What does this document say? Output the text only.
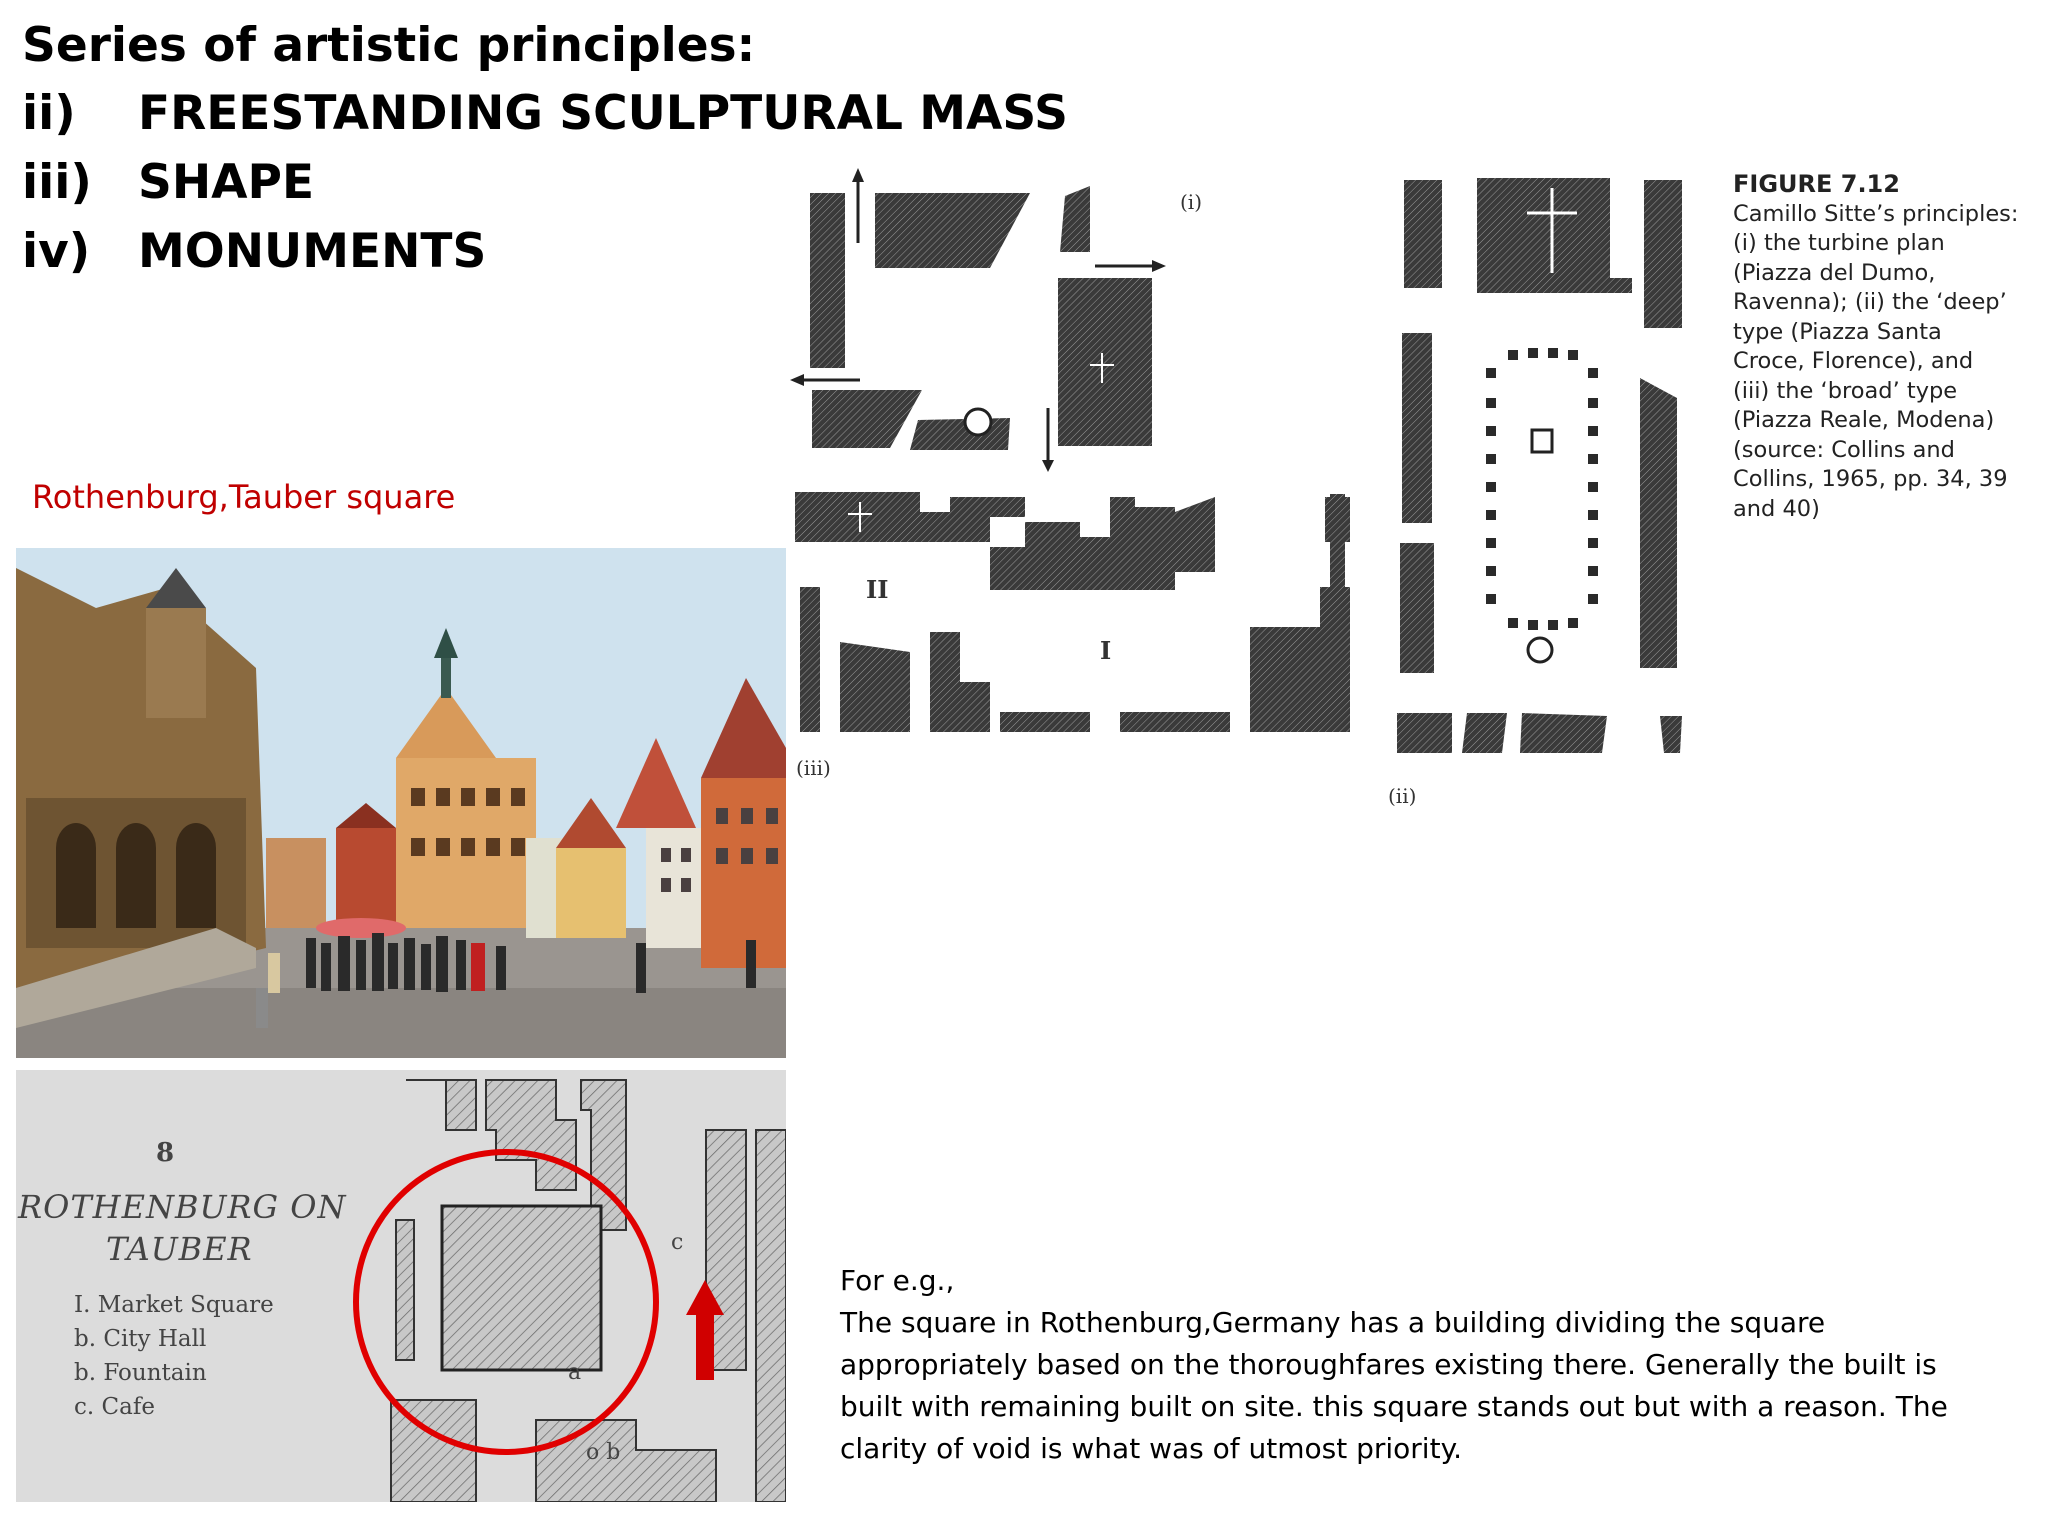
Series of artistic principles:
ii) FREESTANDING SCULPTURAL MASS
iii) SHAPE
iv) MONUMENTS
Rothenburg,Tauber square
8
ROTHENBURG ON
TAUBER
I. Market Square
b. City Hall
b. Fountain
c. Cafe
a
c
o b
(i)
II
I
(iii)
(ii)
FIGURE 7.12
Camillo Sitte’s principles:
(i) the turbine plan
(Piazza del Dumo,
Ravenna); (ii) the ‘deep’
type (Piazza Santa
Croce, Florence), and
(iii) the ‘broad’ type
(Piazza Reale, Modena)
(source: Collins and
Collins, 1965, pp. 34, 39
and 40)
For e.g.,
The square in Rothenburg,Germany has a building dividing the square
appropriately based on the thoroughfares existing there. Generally the built is
built with remaining built on site. this square stands out but with a reason. The
clarity of void is what was of utmost priority.
